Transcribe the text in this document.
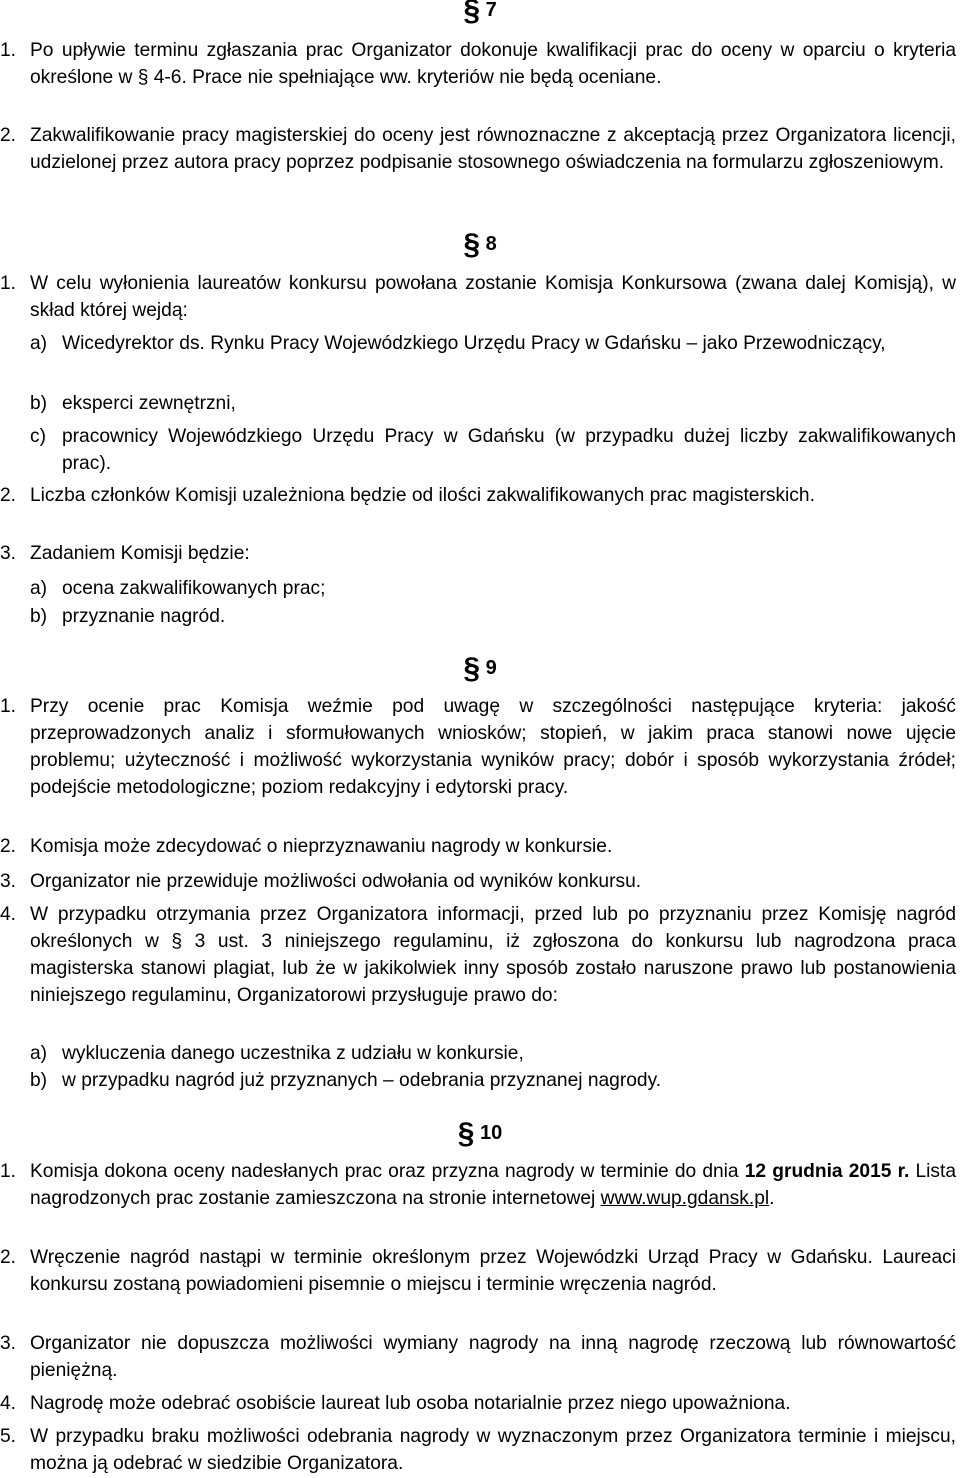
§ 7
1. Po upływie terminu zgłaszania prac Organizator dokonuje kwalifikacji prac do oceny w oparciu o kryteria określone w § 4-6. Prace nie spełniające ww. kryteriów nie będą oceniane.
2. Zakwalifikowanie pracy magisterskiej do oceny jest równoznaczne z akceptacją przez Organizatora licencji, udzielonej przez autora pracy poprzez podpisanie stosownego oświadczenia na formularzu zgłoszeniowym.
§ 8
1. W celu wyłonienia laureatów konkursu powołana zostanie Komisja Konkursowa (zwana dalej Komisją), w skład której wejdą:
a) Wicedyrektor ds. Rynku Pracy Wojewódzkiego Urzędu Pracy w Gdańsku – jako Przewodniczący,
b) eksperci zewnętrzni,
c) pracownicy Wojewódzkiego Urzędu Pracy w Gdańsku (w przypadku dużej liczby zakwalifikowanych prac).
2. Liczba członków Komisji uzależniona będzie od ilości zakwalifikowanych prac magisterskich.
3. Zadaniem Komisji będzie:
a) ocena zakwalifikowanych prac;
b) przyznanie nagród.
§ 9
1. Przy ocenie prac Komisja weźmie pod uwagę w szczególności następujące kryteria: jakość przeprowadzonych analiz i sformułowanych wniosków; stopień, w jakim praca stanowi nowe ujęcie problemu; użyteczność i możliwość wykorzystania wyników pracy; dobór i sposób wykorzystania źródeł; podejście metodologiczne; poziom redakcyjny i edytorski pracy.
2. Komisja może zdecydować o nieprzyznawaniu nagrody w konkursie.
3. Organizator nie przewiduje możliwości odwołania od wyników konkursu.
4. W przypadku otrzymania przez Organizatora informacji, przed lub po przyznaniu przez Komisję nagród określonych w § 3 ust. 3 niniejszego regulaminu, iż zgłoszona do konkursu lub nagrodzona praca magisterska stanowi plagiat, lub że w jakikolwiek inny sposób zostało naruszone prawo lub postanowienia niniejszego regulaminu, Organizatorowi przysługuje prawo do:
a) wykluczenia danego uczestnika z udziału w konkursie,
b) w przypadku nagród już przyznanych – odebrania przyznanej nagrody.
§ 10
1. Komisja dokona oceny nadesłanych prac oraz przyzna nagrody w terminie do dnia 12 grudnia 2015 r. Lista nagrodzonych prac zostanie zamieszczona na stronie internetowej www.wup.gdansk.pl.
2. Wręczenie nagród nastąpi w terminie określonym przez Wojewódzki Urząd Pracy w Gdańsku. Laureaci konkursu zostaną powiadomieni pisemnie o miejscu i terminie wręczenia nagród.
3. Organizator nie dopuszcza możliwości wymiany nagrody na inną nagrodę rzeczową lub równowartość pieniężną.
4. Nagrodę może odebrać osobiście laureat lub osoba notarialnie przez niego upoważniona.
5. W przypadku braku możliwości odebrania nagrody w wyznaczonym przez Organizatora terminie i miejscu, można ją odebrać w siedzibie Organizatora.
